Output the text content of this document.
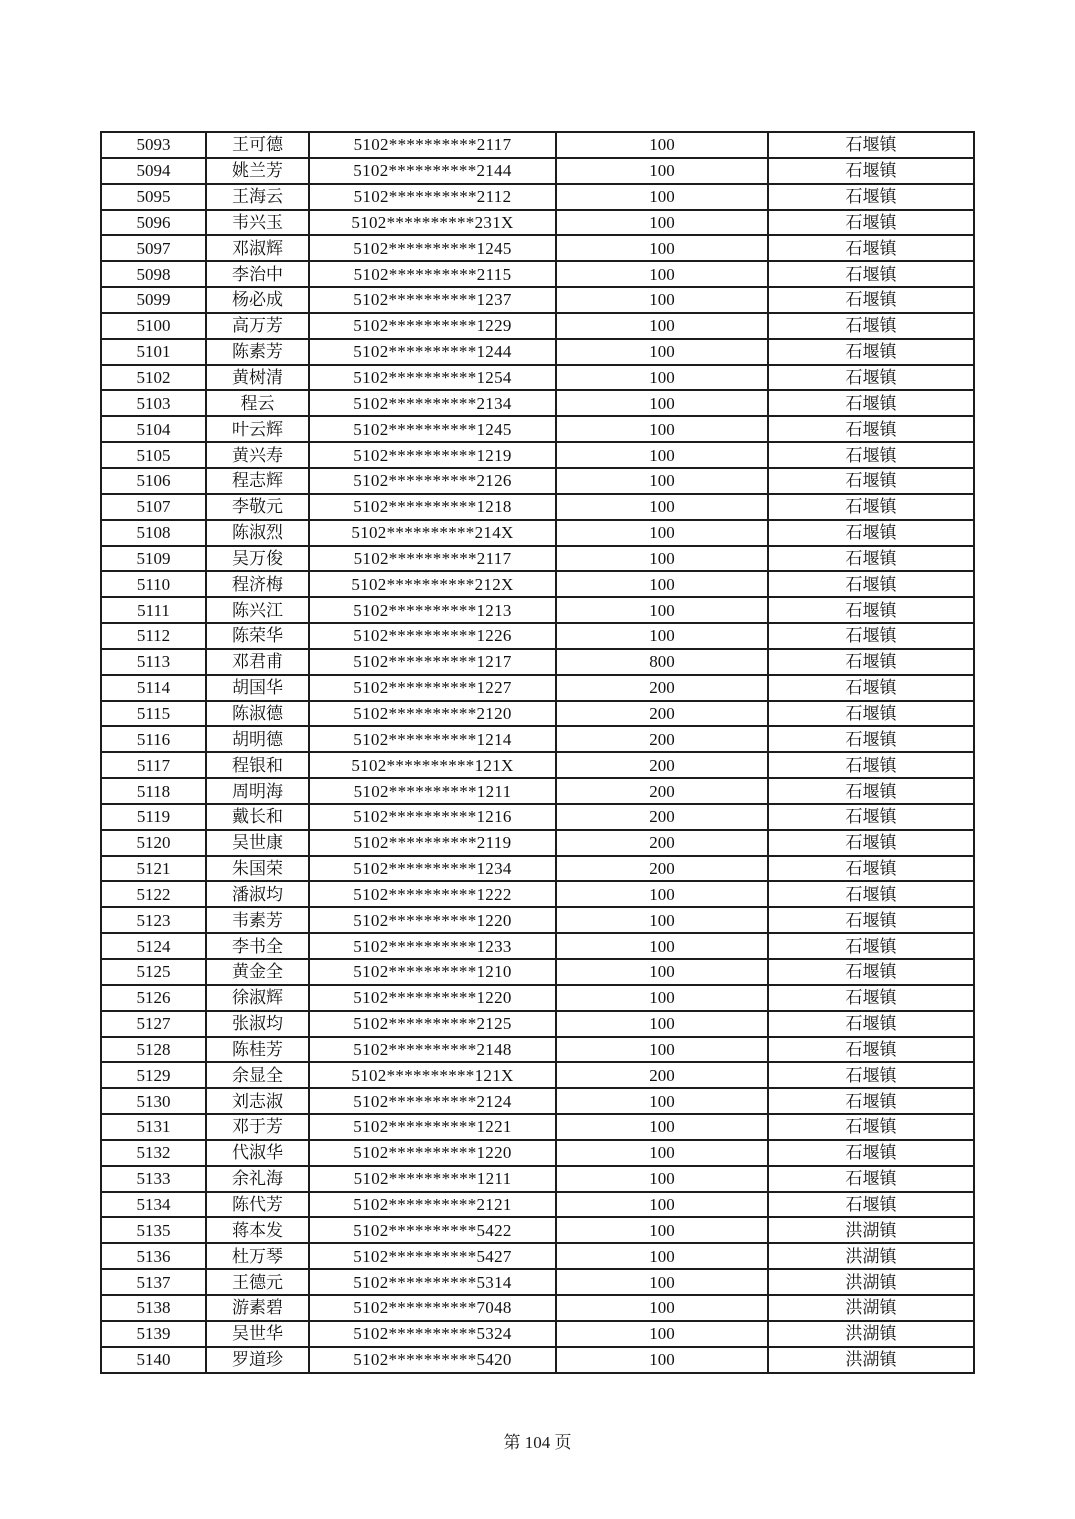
5093	王可德	5102**********2117	100	石堰镇
5094	姚兰芳	5102**********2144	100	石堰镇
5095	王海云	5102**********2112	100	石堰镇
5096	韦兴玉	5102**********231X	100	石堰镇
5097	邓淑辉	5102**********1245	100	石堰镇
5098	李治中	5102**********2115	100	石堰镇
5099	杨必成	5102**********1237	100	石堰镇
5100	高万芳	5102**********1229	100	石堰镇
5101	陈素芳	5102**********1244	100	石堰镇
5102	黄树清	5102**********1254	100	石堰镇
5103	程云	5102**********2134	100	石堰镇
5104	叶云辉	5102**********1245	100	石堰镇
5105	黄兴寿	5102**********1219	100	石堰镇
5106	程志辉	5102**********2126	100	石堰镇
5107	李敬元	5102**********1218	100	石堰镇
5108	陈淑烈	5102**********214X	100	石堰镇
5109	吴万俊	5102**********2117	100	石堰镇
5110	程济梅	5102**********212X	100	石堰镇
5111	陈兴江	5102**********1213	100	石堰镇
5112	陈荣华	5102**********1226	100	石堰镇
5113	邓君甫	5102**********1217	800	石堰镇
5114	胡国华	5102**********1227	200	石堰镇
5115	陈淑德	5102**********2120	200	石堰镇
5116	胡明德	5102**********1214	200	石堰镇
5117	程银和	5102**********121X	200	石堰镇
5118	周明海	5102**********1211	200	石堰镇
5119	戴长和	5102**********1216	200	石堰镇
5120	吴世康	5102**********2119	200	石堰镇
5121	朱国荣	5102**********1234	200	石堰镇
5122	潘淑均	5102**********1222	100	石堰镇
5123	韦素芳	5102**********1220	100	石堰镇
5124	李书全	5102**********1233	100	石堰镇
5125	黄金全	5102**********1210	100	石堰镇
5126	徐淑辉	5102**********1220	100	石堰镇
5127	张淑均	5102**********2125	100	石堰镇
5128	陈桂芳	5102**********2148	100	石堰镇
5129	余显全	5102**********121X	200	石堰镇
5130	刘志淑	5102**********2124	100	石堰镇
5131	邓于芳	5102**********1221	100	石堰镇
5132	代淑华	5102**********1220	100	石堰镇
5133	余礼海	5102**********1211	100	石堰镇
5134	陈代芳	5102**********2121	100	石堰镇
5135	蒋本发	5102**********5422	100	洪湖镇
5136	杜万琴	5102**********5427	100	洪湖镇
5137	王德元	5102**********5314	100	洪湖镇
5138	游素碧	5102**********7048	100	洪湖镇
5139	吴世华	5102**********5324	100	洪湖镇
5140	罗道珍	5102**********5420	100	洪湖镇
第 104 页
